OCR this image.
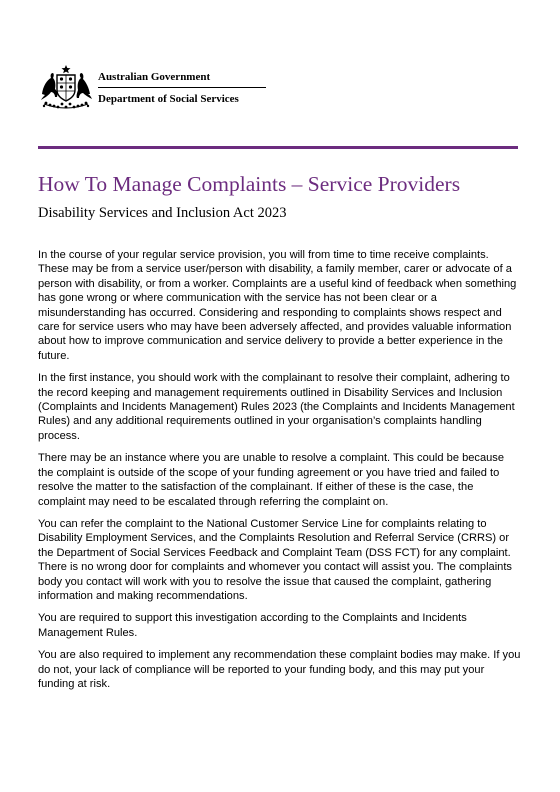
Australian Government
Department of Social Services
How To Manage Complaints – Service Providers
Disability Services and Inclusion Act 2023

In the course of your regular service provision, you will from time to time receive complaints. These may be from a service user/person with disability, a family member, carer or advocate of a person with disability, or from a worker. Complaints are a useful kind of feedback when something has gone wrong or where communication with the service has not been clear or a misunderstanding has occurred. Considering and responding to complaints shows respect and care for service users who may have been adversely affected, and provides valuable information about how to improve communication and service delivery to provide a better experience in the future.

In the first instance, you should work with the complainant to resolve their complaint, adhering to the record keeping and management requirements outlined in Disability Services and Inclusion (Complaints and Incidents Management) Rules 2023 (the Complaints and Incidents Management Rules) and any additional requirements outlined in your organisation’s complaints handling process.

There may be an instance where you are unable to resolve a complaint. This could be because the complaint is outside of the scope of your funding agreement or you have tried and failed to resolve the matter to the satisfaction of the complainant. If either of these is the case, the complaint may need to be escalated through referring the complaint on.

You can refer the complaint to the National Customer Service Line for complaints relating to Disability Employment Services, and the Complaints Resolution and Referral Service (CRRS) or the Department of Social Services Feedback and Complaint Team (DSS FCT) for any complaint. There is no wrong door for complaints and whomever you contact will assist you. The complaints body you contact will work with you to resolve the issue that caused the complaint, gathering information and making recommendations.

You are required to support this investigation according to the Complaints and Incidents Management Rules.

You are also required to implement any recommendation these complaint bodies may make. If you do not, your lack of compliance will be reported to your funding body, and this may put your funding at risk.
